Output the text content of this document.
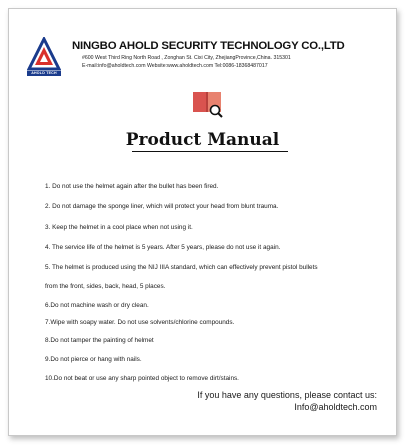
AHOLD TECH
NINGBO AHOLD SECURITY TECHNOLOGY CO.,LTD
#600 West Third Ring North Road , Zonghan St. Cixi City, ZhejiangProvince,China. 315301
E-mail:info@aholdtech.com Website:www.aholdtech.com Tel:0086-18368487017
Product Manual
1. Do not use the helmet again after the bullet has been fired.
2. Do not damage the sponge liner, which will protect your head from blunt trauma.
3. Keep the helmet in a cool place when not using it.
4. The service life of the helmet is 5 years. After 5 years, please do not use it again.
5. The helmet is produced using the NIJ IIIA standard, which can effectively prevent pistol bullets
from the front, sides, back, head, 5 places.
6.Do not machine wash or dry clean.
7.Wipe with soapy water. Do not use solvents/chlorine compounds.
8.Do not tamper the painting of helmet
9.Do not pierce or hang with nails.
10.Do not beat or use any sharp pointed object to remove dirt/stains.
If you have any questions, please contact us:
Info@aholdtech.com
